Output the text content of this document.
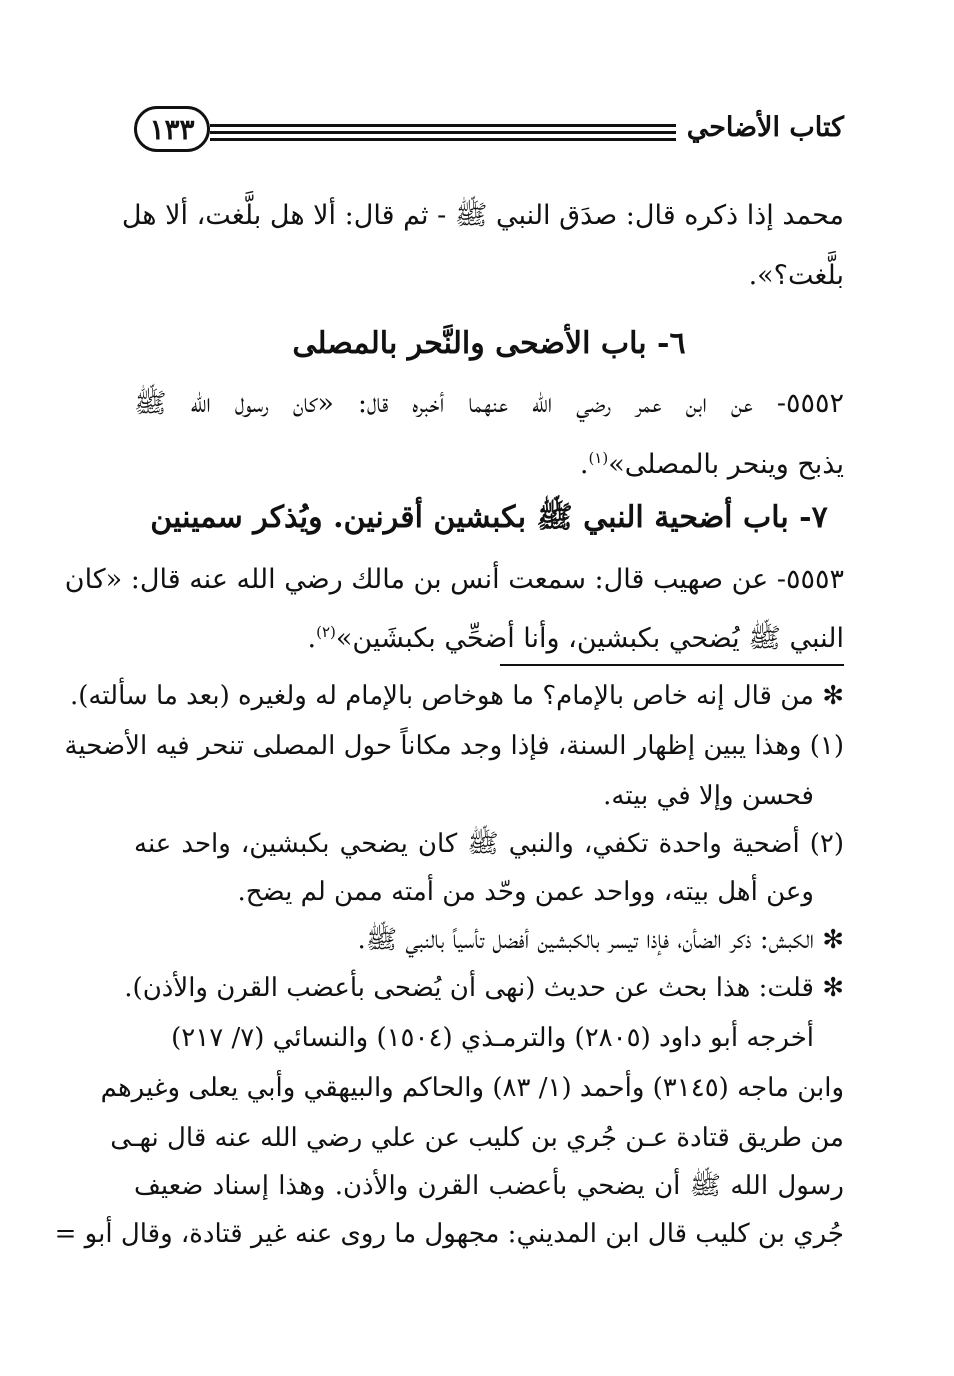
١٣٣	كتاب الأضاحي
محمد إذا ذكره قال: صدَق النبي ﷺ - ثم قال: ألا هل بلَّغت، ألا هل
بلَّغت؟».
٦- باب الأضحى والنَّحر بالمصلى
٥٥٥٢- عن ابن عمر رضي الله عنهما أخبره قال: «كان رسول الله ﷺ
يذبح وينحر بالمصلى»$^{(١)}$.
٧- باب أضحية النبي ﷺ بكبشين أقرنين. ويُذكر سمينين
٥٥٥٣- عن صهيب قال: سمعت أنس بن مالك رضي الله عنه قال: «كان
النبي ﷺ يُضحي بكبشين، وأنا أضحِّي بكبشَين»$^{(٢)}$.
✻ من قال إنه خاص بالإمام؟ ما هوخاص بالإمام له ولغيره (بعد ما سألته).
(١) وهذا يبين إظهار السنة، فإذا وجد مكاناً حول المصلى تنحر فيه الأضحية
فحسن وإلا في بيته.
(٢) أضحية واحدة تكفي، والنبي ﷺ كان يضحي بكبشين، واحد عنه
وعن أهل بيته، وواحد عمن وحّد من أمته ممن لم يضح.
✻ الكبش: ذكر الضأن، فإذا تيسر بالكبشين أفضل تأسياً بالنبي ﷺ.
✻ قلت: هذا بحث عن حديث (نهى أن يُضحى بأعضب القرن والأذن).
أخرجه أبو داود (٢٨٠٥) والترمـذي (١٥٠٤) والنسائي (٧/ ٢١٧)
وابن ماجه (٣١٤٥) وأحمد (١/ ٨٣) والحاكم والبيهقي وأبي يعلى وغيرهم
من طريق قتادة عـن جُري بن كليب عن علي رضي الله عنه قال نهـى
رسول الله ﷺ أن يضحي بأعضب القرن والأذن. وهذا إسناد ضعيف
جُري بن كليب قال ابن المديني: مجهول ما روى عنه غير قتادة، وقال أبو =
